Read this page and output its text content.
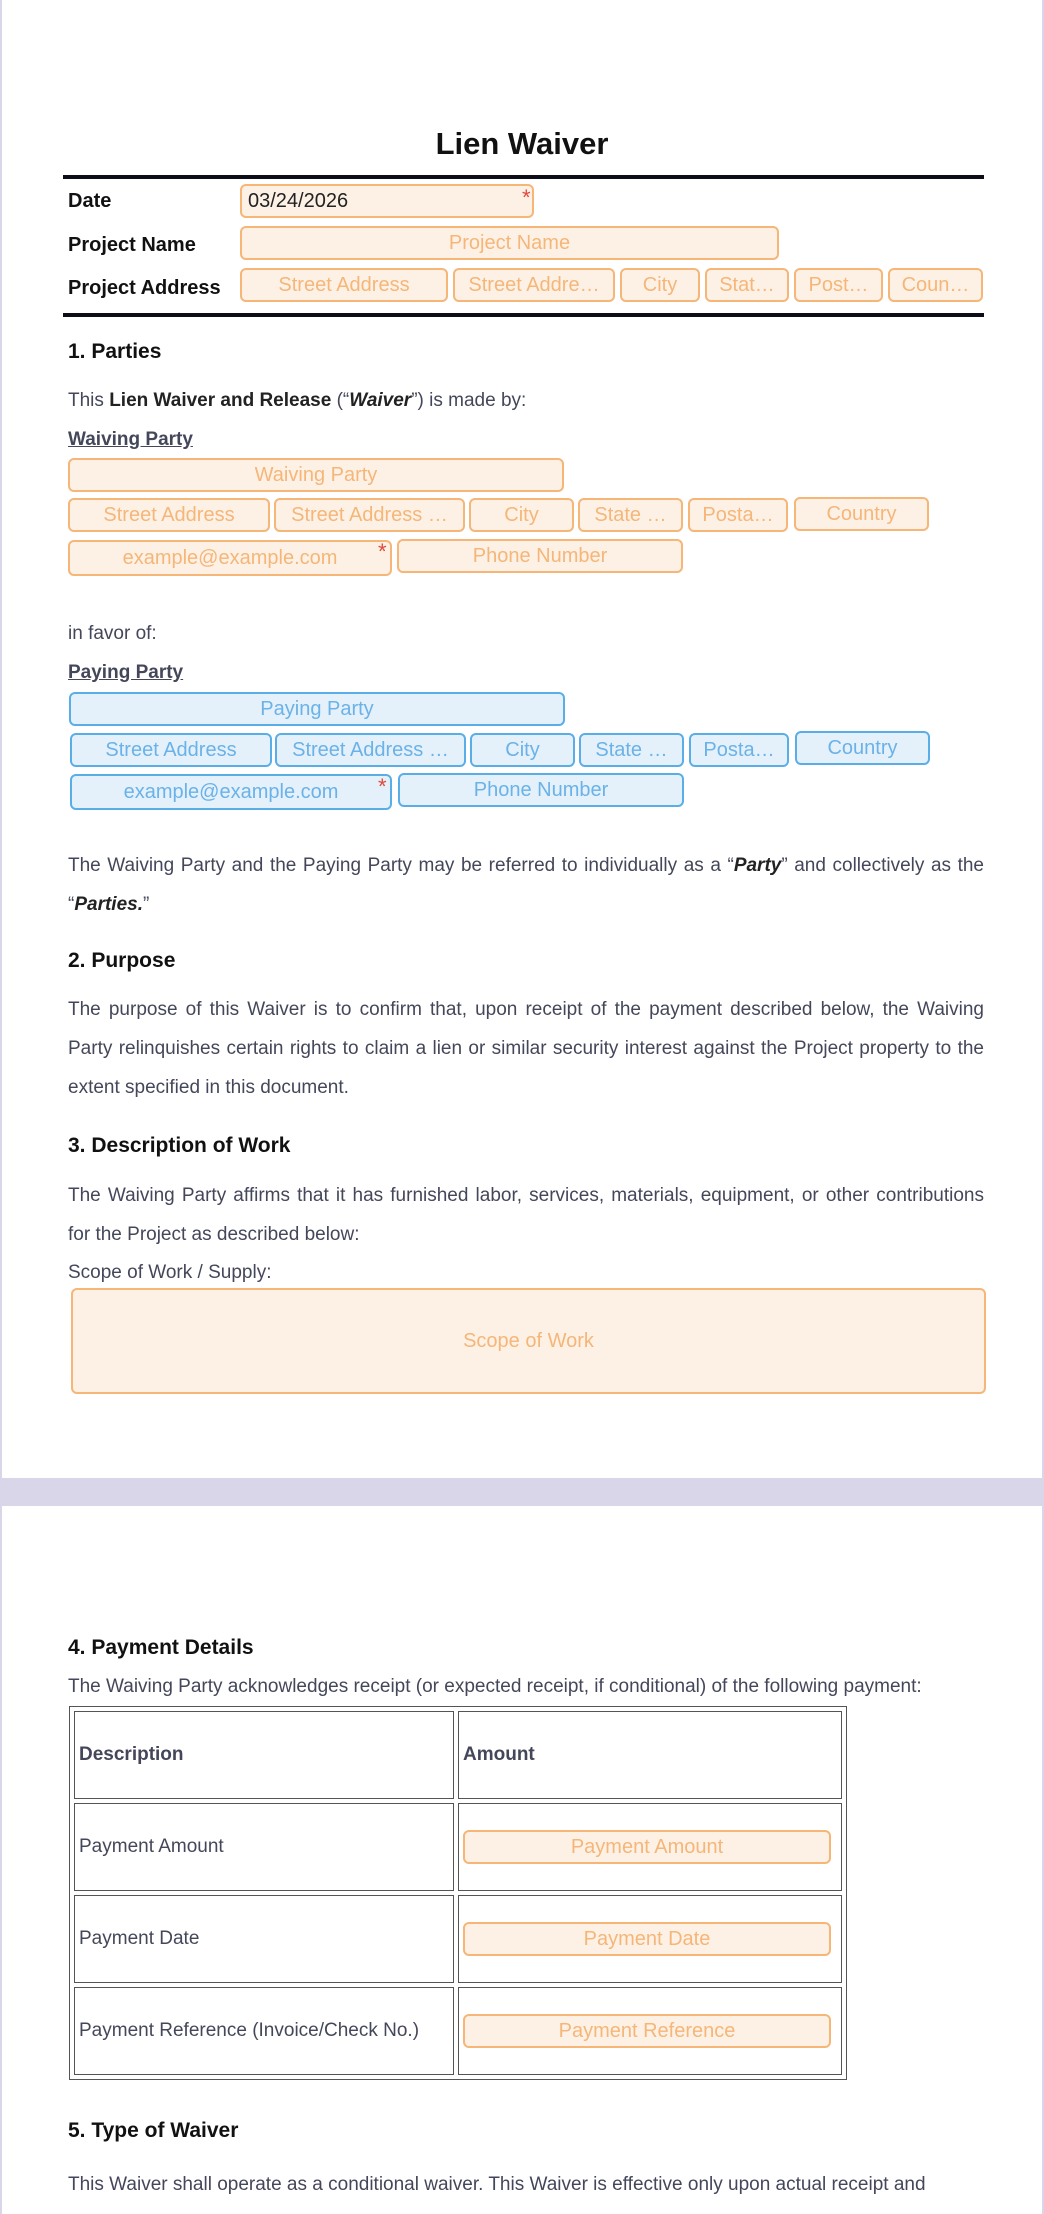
Lien Waiver
Date	03/24/2026	*
Project Name	Project Name
Project Address	Street Address	Street Addre… City Stat… Post… Coun…
1. Parties
This Lien Waiver and Release (“Waiver”) is made by:
Waiving Party
Waiving Party
Street Address	Street Address …	City	State … Posta…	Country
example@example.com *	Phone Number
in favor of:
Paying Party
Paying Party
Street Address	Street Address …	City	State … Posta…	Country
example@example.com *	Phone Number
The Waiving Party and the Paying Party may be referred to individually as a “Party” and collectively as the “Parties.”
2. Purpose
The purpose of this Waiver is to confirm that, upon receipt of the payment described below, the Waiving Party relinquishes certain rights to claim a lien or similar security interest against the Project property to the extent specified in this document.
3. Description of Work
The Waiving Party affirms that it has furnished labor, services, materials, equipment, or other contributions for the Project as described below:
Scope of Work / Supply:
Scope of Work
4. Payment Details
The Waiving Party acknowledges receipt (or expected receipt, if conditional) of the following payment:
Description	Amount
Payment Amount	Payment Amount

Payment Date	Payment Date

Payment Reference (Invoice/Check No.)	Payment Reference
5. Type of Waiver
This Waiver shall operate as a conditional waiver. This Waiver is effective only upon actual receipt and
